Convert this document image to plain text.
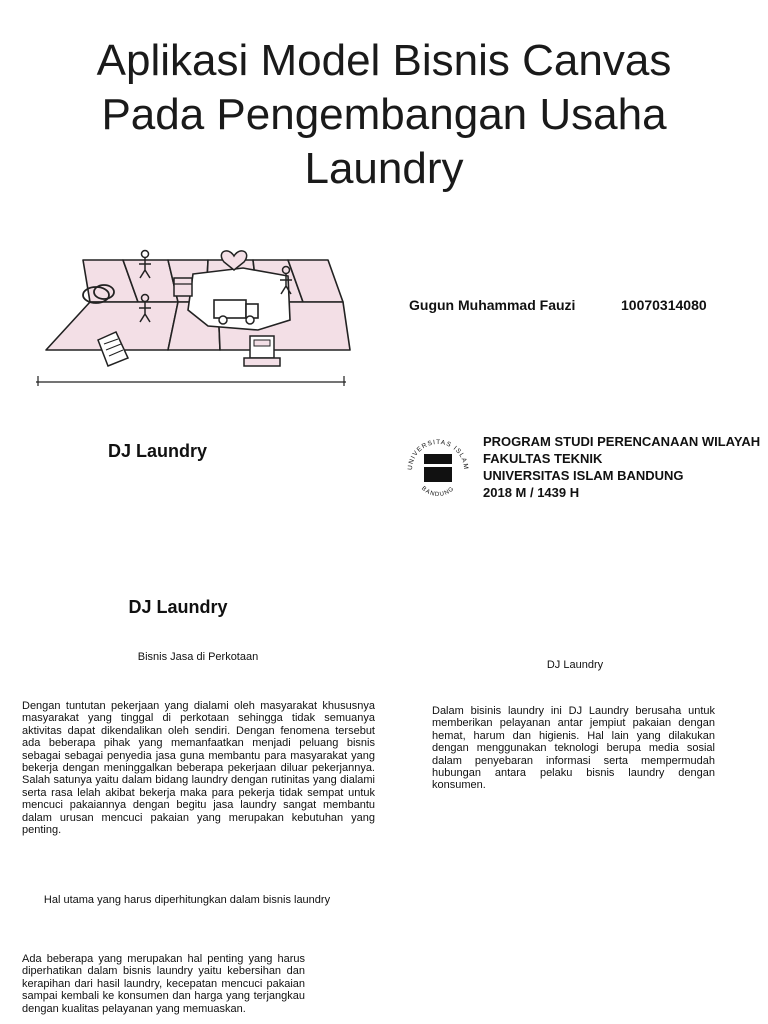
Aplikasi Model Bisnis Canvas Pada Pengembangan Usaha Laundry
Gugun Muhammad Fauzi	10070314080
DJ Laundry
UNIVERSITAS ISLAM
BANDUNG
PROGRAM STUDI PERENCANAAN WILAYAH
FAKULTAS TEKNIK
UNIVERSITAS ISLAM BANDUNG
2018 M / 1439 H
DJ Laundry
Bisnis Jasa di Perkotaan
Dengan tuntutan pekerjaan yang dialami oleh masyarakat khususnya masyarakat yang tinggal di perkotaan sehingga tidak semuanya aktivitas dapat dikendalikan oleh sendiri. Dengan fenomena tersebut ada beberapa pihak yang memanfaatkan menjadi peluang bisnis sebagai sebagai penyedia jasa guna membantu para masyarakat yang bekerja dengan meninggalkan beberapa pekerjaan diluar pekerjannya. Salah satunya yaitu dalam bidang laundry dengan rutinitas yang dialami serta rasa lelah akibat bekerja maka para pekerja tidak sempat untuk mencuci pakaiannya dengan begitu jasa laundry sangat membantu dalam urusan mencuci pakaian yang merupakan kebutuhan yang penting.
Hal utama yang harus diperhitungkan dalam bisnis laundry
Ada beberapa yang merupakan hal penting yang harus diperhatikan dalam bisnis laundry yaitu kebersihan dan kerapihan dari hasil laundry, kecepatan mencuci pakaian sampai kembali ke konsumen dan harga yang terjangkau dengan kualitas pelayanan yang memuaskan.
DJ Laundry
Dalam bisinis laundry ini DJ Laundry berusaha untuk memberikan pelayanan antar jempiut pakaian dengan hemat, harum dan higienis. Hal lain yang dilakukan dengan menggunakan teknologi berupa media sosial dalam penyebaran informasi serta mempermudah hubungan antara pelaku bisnis laundry dengan konsumen.
